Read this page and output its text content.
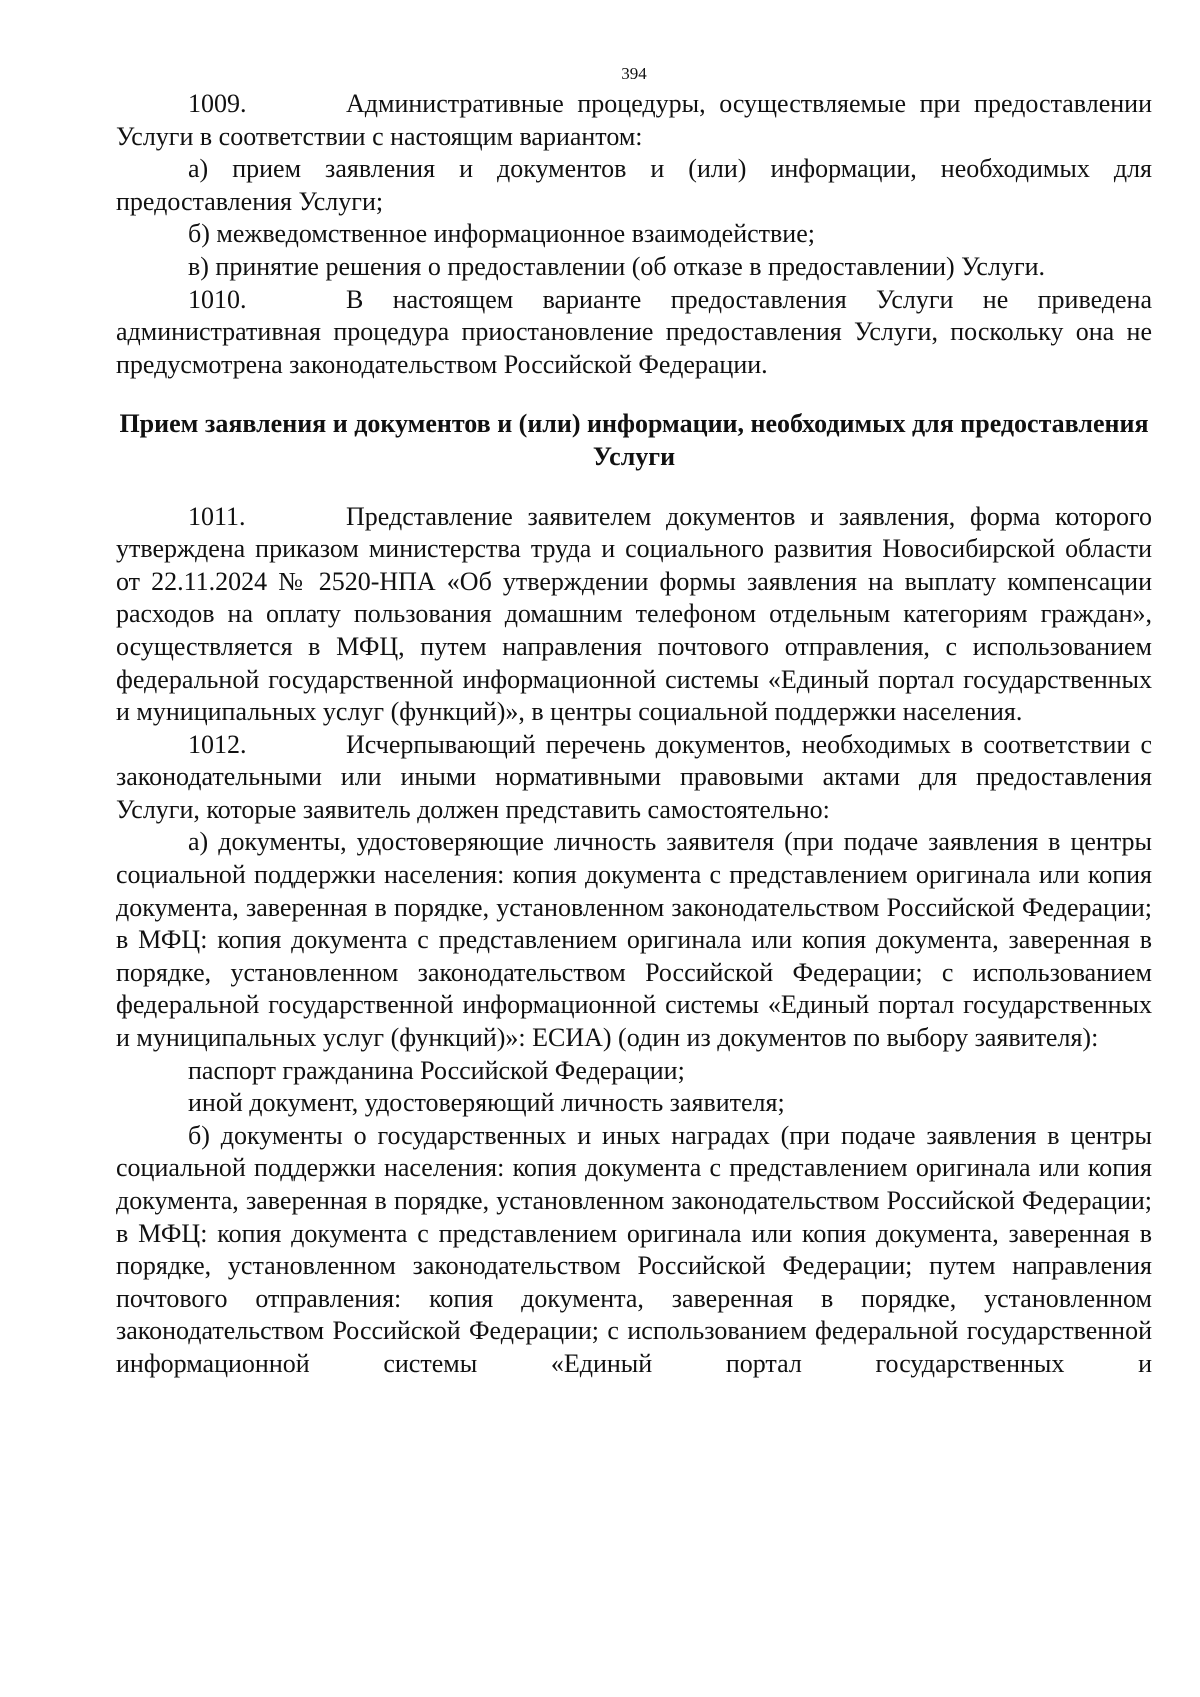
394

1009.	Административные процедуры, осуществляемые при предоставлении Услуги в соответствии с настоящим вариантом:

а) прием заявления и документов и (или) информации, необходимых для предоставления Услуги;

б) межведомственное информационное взаимодействие;

в) принятие решения о предоставлении (об отказе в предоставлении) Услуги.

1010.	В настоящем варианте предоставления Услуги не приведена административная процедура приостановление предоставления Услуги, поскольку она не предусмотрена законодательством Российской Федерации.

Прием заявления и документов и (или) информации, необходимых для предоставления Услуги

1011.	Представление заявителем документов и заявления, форма которого утверждена приказом министерства труда и социального развития Новосибирской области от 22.11.2024 № 2520-НПА «Об утверждении формы заявления на выплату компенсации расходов на оплату пользования домашним телефоном отдельным категориям граждан», осуществляется в МФЦ, путем направления почтового отправления, с использованием федеральной государственной информационной системы «Единый портал государственных и муниципальных услуг (функций)», в центры социальной поддержки населения.

1012.	Исчерпывающий перечень документов, необходимых в соответствии с законодательными или иными нормативными правовыми актами для предоставления Услуги, которые заявитель должен представить самостоятельно:

а) документы, удостоверяющие личность заявителя (при подаче заявления в центры социальной поддержки населения: копия документа с представлением оригинала или копия документа, заверенная в порядке, установленном законодательством Российской Федерации; в МФЦ: копия документа с представлением оригинала или копия документа, заверенная в порядке, установленном законодательством Российской Федерации; с использованием федеральной государственной информационной системы «Единый портал государственных и муниципальных услуг (функций)»: ЕСИА) (один из документов по выбору заявителя):

паспорт гражданина Российской Федерации;

иной документ, удостоверяющий личность заявителя;

б) документы о государственных и иных наградах (при подаче заявления в центры социальной поддержки населения: копия документа с представлением оригинала или копия документа, заверенная в порядке, установленном законодательством Российской Федерации; в МФЦ: копия документа с представлением оригинала или копия документа, заверенная в порядке, установленном законодательством Российской Федерации; путем направления почтового отправления: копия документа, заверенная в порядке, установленном законодательством Российской Федерации; с использованием федеральной государственной информационной системы «Единый портал государственных и
